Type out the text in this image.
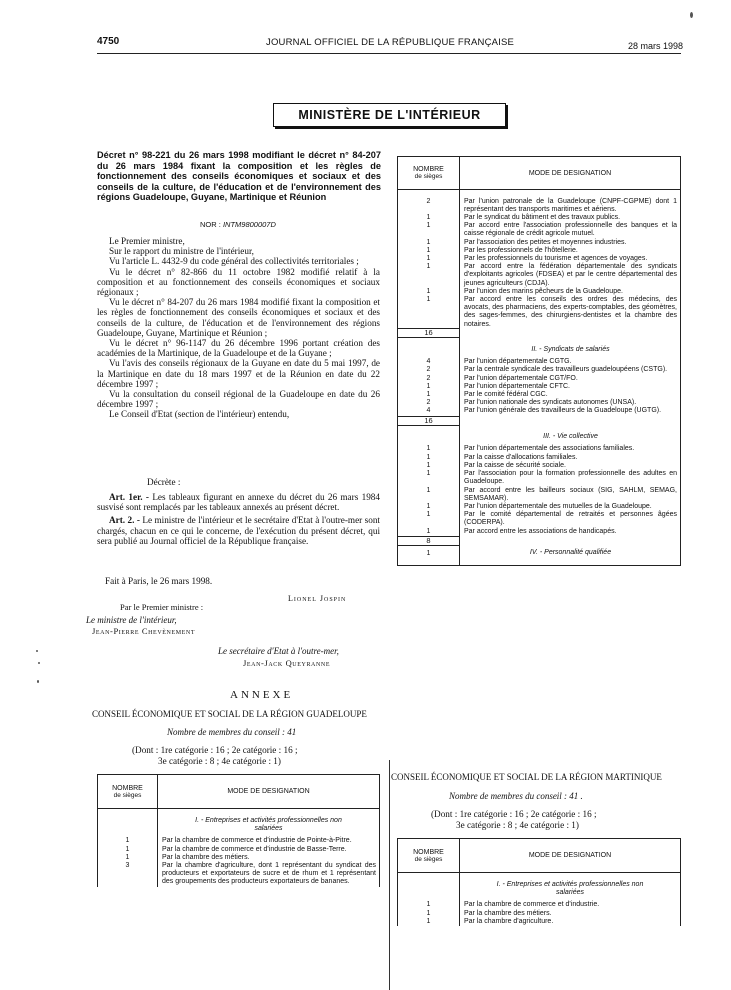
4750	JOURNAL OFFICIEL DE LA RÉPUBLIQUE FRANÇAISE	28 mars 1998
MINISTÈRE DE L'INTÉRIEUR
Décret n° 98-221 du 26 mars 1998 modifiant le décret n° 84-207 du 26 mars 1984 fixant la composition et les règles de fonctionnement des conseils économiques et sociaux et des conseils de la culture, de l'éducation et de l'environnement des régions Guadeloupe, Guyane, Martinique et Réunion
NOR : INTM9800007D

Le Premier ministre,

Sur le rapport du ministre de l'intérieur,

Vu l'article L. 4432-9 du code général des collectivités territoriales ;

Vu le décret n° 82-866 du 11 octobre 1982 modifié relatif à la composition et au fonctionnement des conseils économiques et sociaux régionaux ;

Vu le décret n° 84-207 du 26 mars 1984 modifié fixant la composition et les règles de fonctionnement des conseils économiques et sociaux et des conseils de la culture, de l'éducation et de l'environnement des régions Guadeloupe, Guyane, Martinique et Réunion ;

Vu le décret n° 96-1147 du 26 décembre 1996 portant création des académies de la Martinique, de la Guadeloupe et de la Guyane ;

Vu l'avis des conseils régionaux de la Guyane en date du 5 mai 1997, de la Martinique en date du 18 mars 1997 et de la Réunion en date du 22 décembre 1997 ;

Vu la consultation du conseil régional de la Guadeloupe en date du 26 décembre 1997 ;

Le Conseil d'Etat (section de l'intérieur) entendu,

Décrète :

Art. 1er. - Les tableaux figurant en annexe du décret du 26 mars 1984 susvisé sont remplacés par les tableaux annexés au présent décret.

Art. 2. - Le ministre de l'intérieur et le secrétaire d'Etat à l'outre-mer sont chargés, chacun en ce qui le concerne, de l'exécution du présent décret, qui sera publié au Journal officiel de la République française.

Fait à Paris, le 26 mars 1998.
Lionel Jospin
Par le Premier ministre :
Le ministre de l'intérieur,
Jean-Pierre Chevènement
Le secrétaire d'Etat à l'outre-mer,
Jean-Jack Queyranne
ANNEXE
CONSEIL ÉCONOMIQUE ET SOCIAL DE LA RÉGION GUADELOUPE
Nombre de membres du conseil : 41
(Dont : 1re catégorie : 16 ; 2e catégorie : 16 ;
3e catégorie : 8 ; 4e catégorie : 1)
NOMBRE
de sièges	MODE DE DESIGNATION
	I. - Entreprises et activités professionnelles non salariées
1	Par la chambre de commerce et d'industrie de Pointe-à-Pitre.
1	Par la chambre de commerce et d'industrie de Basse-Terre.
1	Par la chambre des métiers.
3	Par la chambre d'agriculture, dont 1 représentant du syndicat des producteurs et exportateurs de sucre et de rhum et 1 représentant des groupements des producteurs exportateurs de bananes.
NOMBRE
de sièges	MODE DE DESIGNATION

2	Par l'union patronale de la Guadeloupe (CNPF-CGPME) dont 1 représentant des transports maritimes et aériens.
1	Par le syndicat du bâtiment et des travaux publics.
1	Par accord entre l'association professionnelle des banques et la caisse régionale de crédit agricole mutuel.
1	Par l'association des petites et moyennes industries.
1	Par les professionnels de l'hôtellerie.
1	Par les professionnels du tourisme et agences de voyages.
1	Par accord entre la fédération départementale des syndicats d'exploitants agricoles (FDSEA) et par le centre départemental des jeunes agriculteurs (CDJA).
1	Par l'union des marins pêcheurs de la Guadeloupe.
1	Par accord entre les conseils des ordres des médecins, des avocats, des pharmaciens, des experts-comptables, des géomètres, des sages-femmes, des chirurgiens-dentistes et la chambre des notaires.
16	
	II. - Syndicats de salariés
4	Par l'union départementale CGTG.
2	Par la centrale syndicale des travailleurs guadeloupéens (CSTG).
2	Par l'union départementale CGT/FO.
1	Par l'union départementale CFTC.
1	Par le comité fédéral CGC.
2	Par l'union nationale des syndicats autonomes (UNSA).
4	Par l'union générale des travailleurs de la Guadeloupe (UGTG).
16	
	III. - Vie collective
1	Par l'union départementale des associations familiales.
1	Par la caisse d'allocations familiales.
1	Par la caisse de sécurité sociale.
1	Par l'association pour la formation professionnelle des adultes en Guadeloupe.
1	Par accord entre les bailleurs sociaux (SIG, SAHLM, SEMAG, SEMSAMAR).
1	Par l'union départementale des mutuelles de la Guadeloupe.
1	Par le comité départemental de retraités et personnes âgées (CODERPA).
1	Par accord entre les associations de handicapés.
8	
1	IV. - Personnalité qualifiée
CONSEIL ÉCONOMIQUE ET SOCIAL DE LA RÉGION MARTINIQUE
Nombre de membres du conseil : 41 .
(Dont : 1re catégorie : 16 ; 2e catégorie : 16 ;
3e catégorie : 8 ; 4e catégorie : 1)
NOMBRE
de sièges	MODE DE DESIGNATION
	I. - Entreprises et activités professionnelles non salariées
1	Par la chambre de commerce et d'industrie.
1	Par la chambre des métiers.
1	Par la chambre d'agriculture.
